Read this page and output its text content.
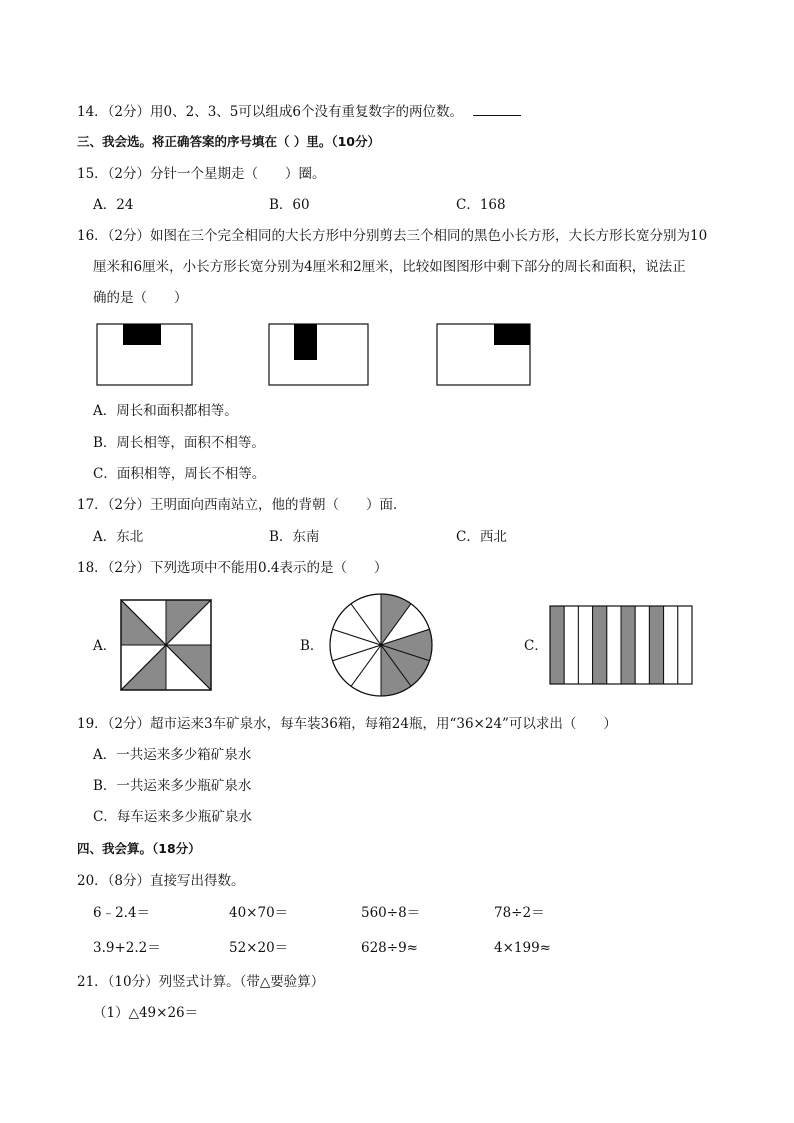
14．（2分）用0、2、3、5可以组成6个没有重复数字的两位数。
三、我会选。将正确答案的序号填在（ ）里。（10分）
15．（2分）分针一个星期走（　　）圈。
A．24	B．60	C．168
16．（2分）如图在三个完全相同的大长方形中分别剪去三个相同的黑色小长方形，大长方形长宽分别为10
厘米和6厘米，小长方形长宽分别为4厘米和2厘米，比较如图图形中剩下部分的周长和面积，说法正
确的是（　　）
A．周长和面积都相等。
B．周长相等，面积不相等。
C．面积相等，周长不相等。
17．（2分）王明面向西南站立，他的背朝（　　）面．
A．东北	B．东南	C．西北
18．（2分）下列选项中不能用0.4表示的是（　　）
A．	B．	C．
19．（2分）超市运来3车矿泉水，每车装36箱，每箱24瓶，用“36×24”可以求出（　　）
A．一共运来多少箱矿泉水
B．一共运来多少瓶矿泉水
C．每车运来多少瓶矿泉水
四、我会算。（18分）
20．（8分）直接写出得数。
6﹣2.4＝	40×70＝	560÷8＝	78÷2＝
3.9+2.2＝	52×20＝	628÷9≈	4×199≈
21．（10分）列竖式计算。（带△要验算）
（1）△49×26＝
